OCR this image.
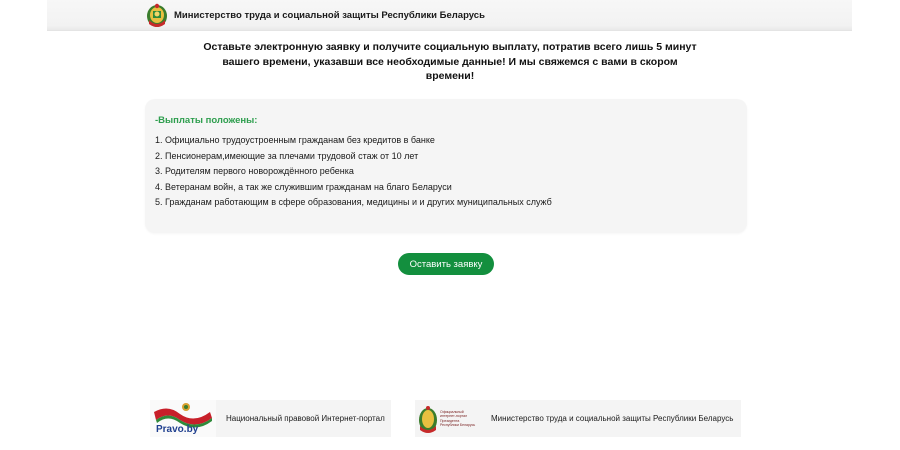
Министерство труда и социальной защиты Республики Беларусь
Оставьте электронную заявку и получите социальную выплату, потратив всего лишь 5 минут вашего времени, указавши все необходимые данные! И мы свяжемся с вами в скором времени!
-Выплаты положены:
1. Официально трудоустроенным гражданам без кредитов в банке
2. Пенсионерам,имеющие за плечами трудовой стаж от 10 лет
3. Родителям первого новорождённого ребенка
4. Ветеранам войн, а так же служившим гражданам на благо Беларуси
5. Гражданам работающим в сфере образования, медицины и и других муниципальных служб
Оставить заявку
Pravo.by
Национальный правовой Интернет-портал
Официальный интернет-портал Президента Республики Беларусь
Министерство труда и социальной защиты Республики Беларусь
